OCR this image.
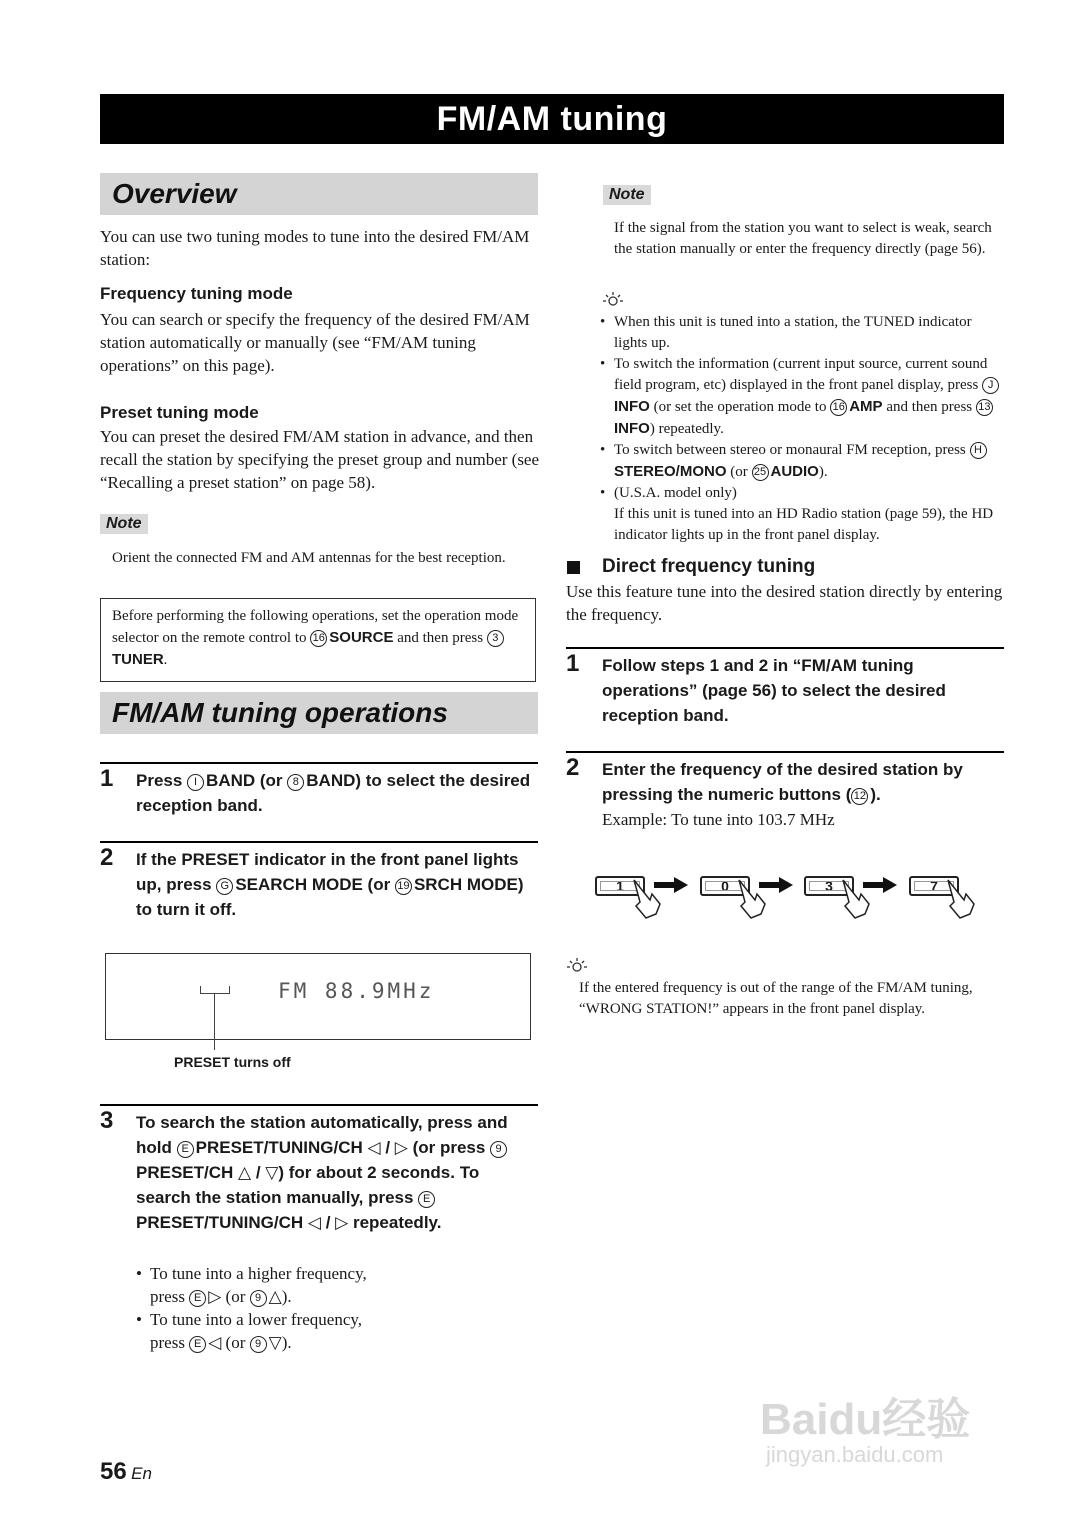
FM/AM tuning
Overview
You can use two tuning modes to tune into the desired FM/AM station:
Frequency tuning mode
You can search or specify the frequency of the desired FM/AM station automatically or manually (see “FM/AM tuning operations” on this page).
Preset tuning mode
You can preset the desired FM/AM station in advance, and then recall the station by specifying the preset group and number (see “Recalling a preset station” on page 58).
Note
Orient the connected FM and AM antennas for the best reception.
Before performing the following operations, set the operation mode selector on the remote control to 16 SOURCE and then press 3TUNER.
FM/AM tuning operations
1 Press I BAND (or 8 BAND) to select the desired reception band.
2 If the PRESET indicator in the front panel lights up, press G SEARCH MODE (or 19 SRCH MODE) to turn it off.
FM 88.9MHz
PRESET turns off
3 To search the station automatically, press and hold E PRESET/TUNING/CH ◁ / ▷ (or press 9PRESET/CH △ / ▽) for about 2 seconds. To search the station manually, press EPRESET/TUNING/CH ◁ / ▷ repeatedly.
• To tune into a higher frequency,
press E ▷ (or 9 △).
• To tune into a lower frequency,
press E ◁ (or 9 ▽).
56 En
Note
If the signal from the station you want to select is weak, search the station manually or enter the frequency directly (page 56).
• When this unit is tuned into a station, the TUNED indicator lights up.
• To switch the information (current input source, current sound field program, etc) displayed in the front panel display, press JINFO (or set the operation mode to 16 AMP and then press 13INFO) repeatedly.
• To switch between stereo or monaural FM reception, press HSTEREO/MONO (or 25 AUDIO).
• (U.S.A. model only)
If this unit is tuned into an HD Radio station (page 59), the HD indicator lights up in the front panel display.
Direct frequency tuning
Use this feature tune into the desired station directly by entering the frequency.
1 Follow steps 1 and 2 in “FM/AM tuning operations” (page 56) to select the desired reception band.
2 Enter the frequency of the desired station by pressing the numeric buttons ( 12 ).
Example: To tune into 103.7 MHz
1	0	3	7
If the entered frequency is out of the range of the FM/AM tuning, “WRONG STATION!” appears in the front panel display.
Baidu经验
jingyan.baidu.com
